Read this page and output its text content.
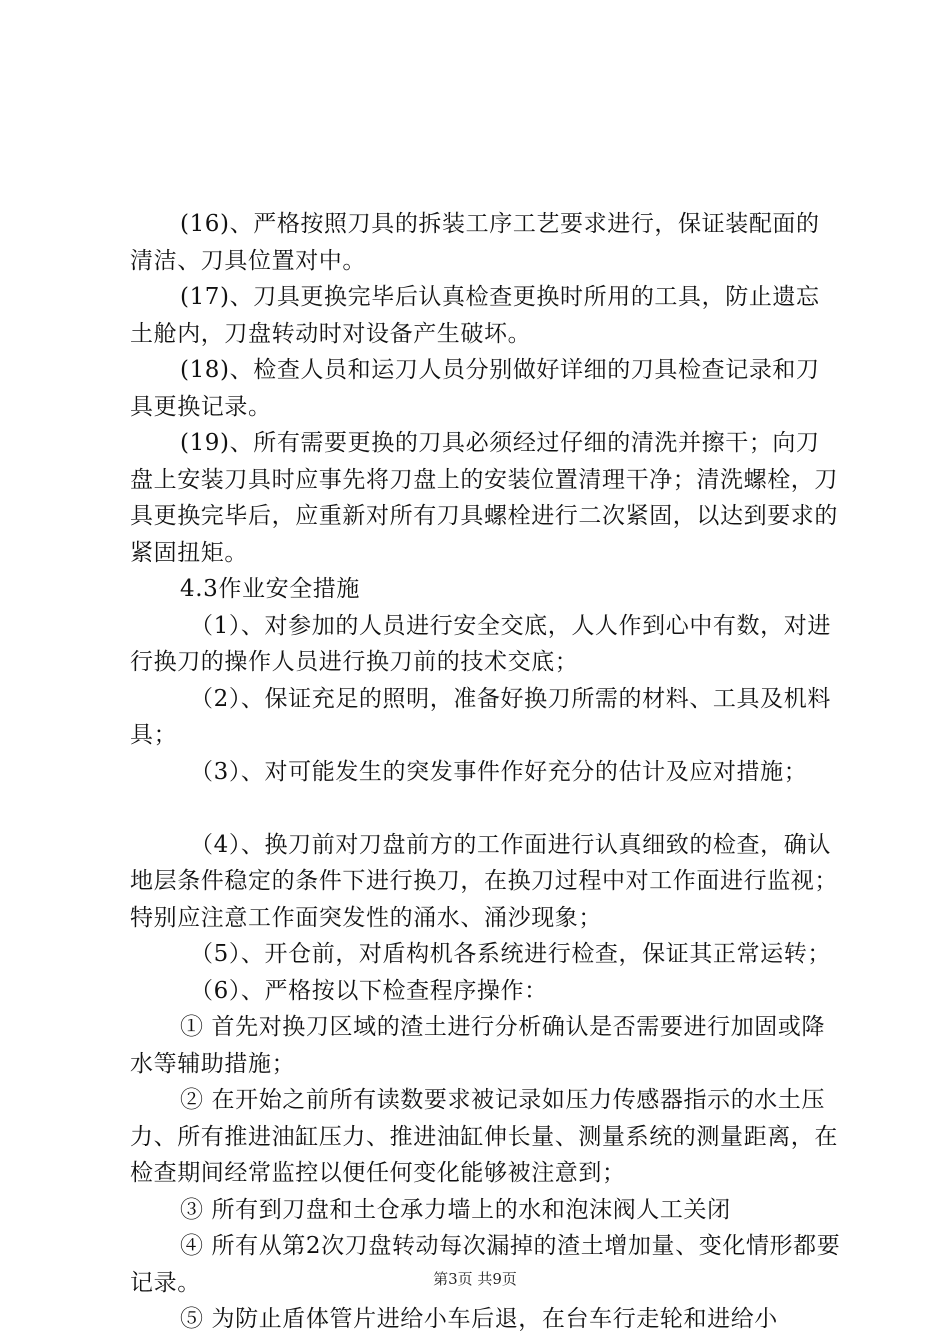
(16)、严格按照刀具的拆装工序工艺要求进行，保证装配面的清洁、刀具位置对中。

(17)、刀具更换完毕后认真检查更换时所用的工具，防止遗忘土舱内，刀盘转动时对设备产生破坏。

(18)、检查人员和运刀人员分别做好详细的刀具检查记录和刀具更换记录。

(19)、所有需要更换的刀具必须经过仔细的清洗并擦干；向刀盘上安装刀具时应事先将刀盘上的安装位置清理干净；清洗螺栓，刀具更换完毕后，应重新对所有刀具螺栓进行二次紧固，以达到要求的紧固扭矩。

4.3作业安全措施

（1）、对参加的人员进行安全交底，人人作到心中有数，对进行换刀的操作人员进行换刀前的技术交底；

（2）、保证充足的照明，准备好换刀所需的材料、工具及机料具；

（3）、对可能发生的突发事件作好充分的估计及应对措施；

（4）、换刀前对刀盘前方的工作面进行认真细致的检查，确认地层条件稳定的条件下进行换刀，在换刀过程中对工作面进行监视；特别应注意工作面突发性的涌水、涌沙现象；

（5）、开仓前，对盾构机各系统进行检查，保证其正常运转；

（6）、严格按以下检查程序操作：

① 首先对换刀区域的渣土进行分析确认是否需要进行加固或降水等辅助措施；

② 在开始之前所有读数要求被记录如压力传感器指示的水土压力、所有推进油缸压力、推进油缸伸长量、测量系统的测量距离，在检查期间经常监控以便任何变化能够被注意到；

③ 所有到刀盘和土仓承力墙上的水和泡沫阀人工关闭

④ 所有从第2次刀盘转动每次漏掉的渣土增加量、变化情形都要记录。

⑤ 为防止盾体管片进给小车后退，在台车行走轮和进给小

第3页 共9页
